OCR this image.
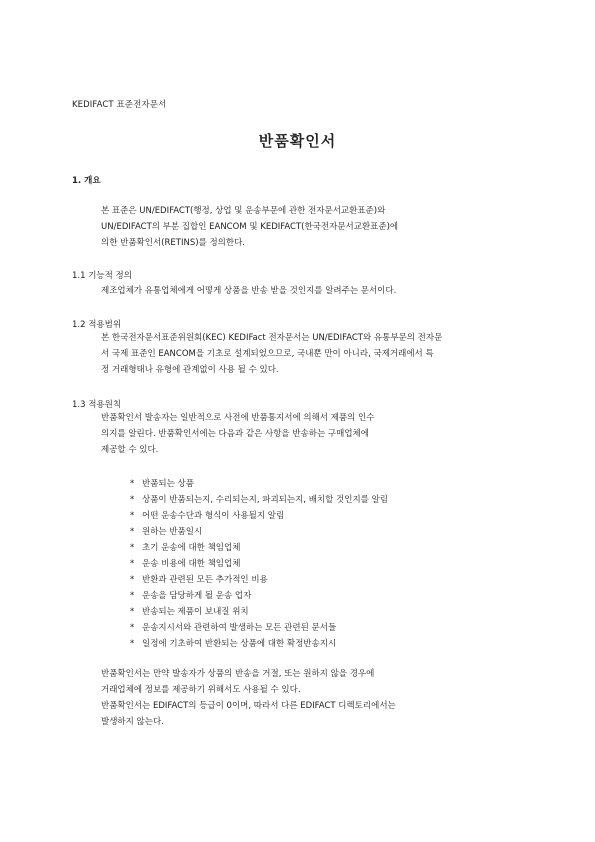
KEDIFACT 표준전자문서
반품확인서
1. 개요
본 표준은 UN/EDIFACT(행정, 상업 및 운송부문에 관한 전자문서교환표준)와
UN/EDIFACT의 부분 집합인 EANCOM 및 KEDIFACT(한국전자문서교환표준)에
의한 반품확인서(RETINS)를 정의한다.
1.1 기능적 정의
제조업체가 유통업체에게 어떻게 상품을 반송 받을 것인지를 알려주는 문서이다.
1.2 적용범위
본 한국전자문서표준위원회(KEC) KEDIFact 전자문서는 UN/EDIFACT와 유통부문의 전자문
서 국제 표준인 EANCOM을 기초로 설계되었으므로, 국내뿐 만이 아니라, 국제거래에서 특
정 거래형태나 유형에 관계없이 사용 될 수 있다.
1.3 적용원칙
반품확인서 발송자는 일반적으로 사전에 반품통지서에 의해서 제품의 인수
의지를 알린다. 반품확인서에는 다음과 같은 사항을 반송하는 구매업체에
제공할 수 있다.
* 반품되는 상품
* 상품이 반품되는지, 수리되는지, 파괴되는지, 배치할 것인지를 알림
* 어떤 운송수단과 형식이 사용될지 알림
* 원하는 반품일시
* 초기 운송에 대한 책임업체
* 운송 비용에 대한 책임업체
* 반환과 관련된 모든 추가적인 비용
* 운송을 담당하게 될 운송 업자
* 반송되는 제품이 보내질 위치
* 운송지시서와 관련하여 발생하는 모든 관련된 문서들
* 일정에 기초하여 반환되는 상품에 대한 확정반송지시
반품확인서는 만약 발송자가 상품의 반송을 거절, 또는 원하지 않을 경우에
거래업체에 정보를 제공하기 위해서도 사용될 수 있다.
반품확인서는 EDIFACT의 등급이 0이며, 따라서 다른 EDIFACT 디렉토리에서는
발생하지 않는다.
